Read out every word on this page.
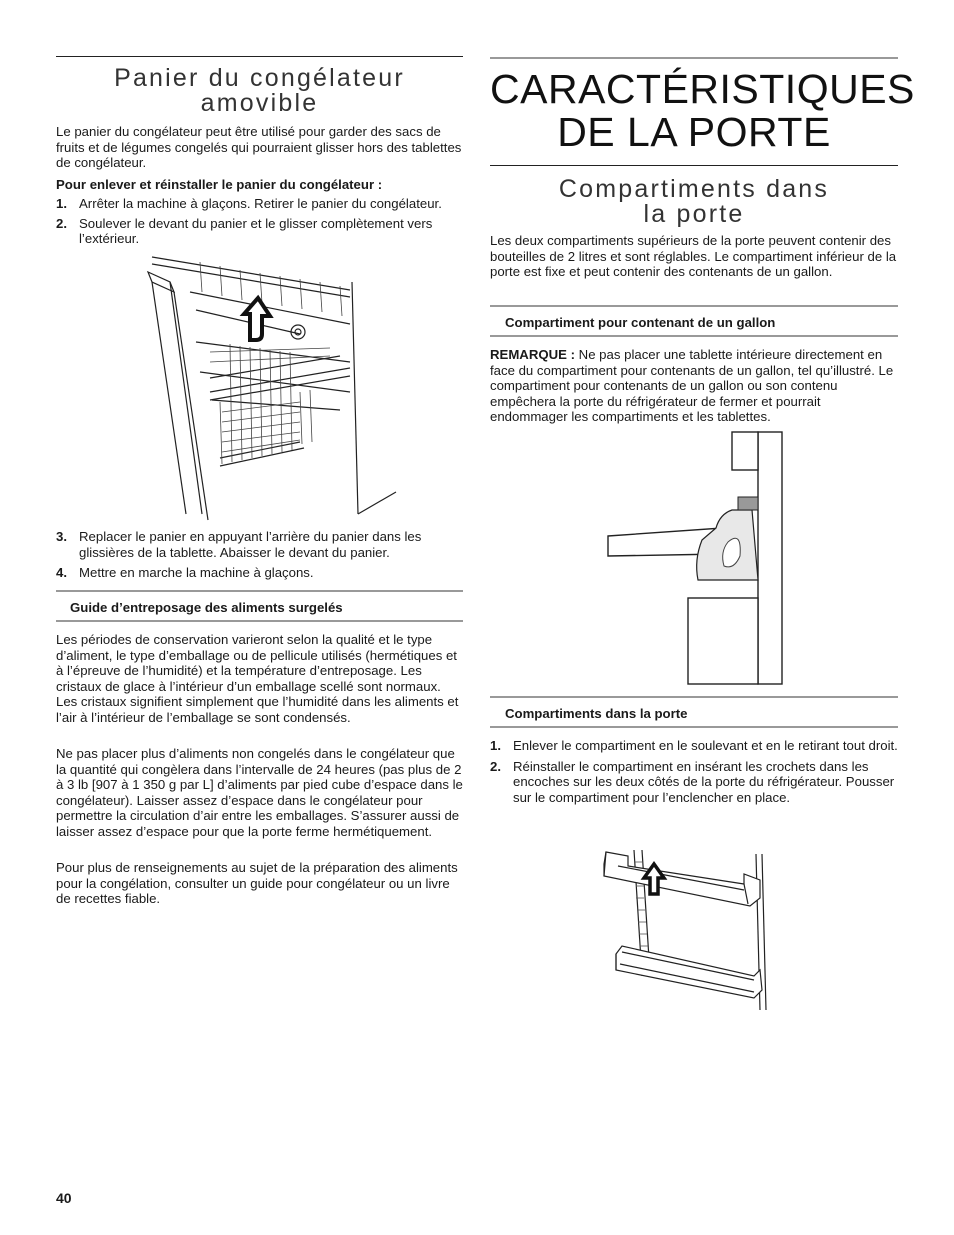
Panier du congélateur
amovible

Le panier du congélateur peut être utilisé pour garder des sacs de fruits et de légumes congelés qui pourraient glisser hors des tablettes de congélateur.

Pour enlever et réinstaller le panier du congélateur :

1. Arrêter la machine à glaçons. Retirer le panier du congélateur.
2. Soulever le devant du panier et le glisser complètement vers l’extérieur.
3. Replacer le panier en appuyant l’arrière du panier dans les glissières de la tablette. Abaisser le devant du panier.
4. Mettre en marche la machine à glaçons.

Guide d’entreposage des aliments surgelés

Les périodes de conservation varieront selon la qualité et le type d’aliment, le type d’emballage ou de pellicule utilisés (hermétiques et à l’épreuve de l’humidité) et la température d’entreposage. Les cristaux de glace à l’intérieur d’un emballage scellé sont normaux. Les cristaux signifient simplement que l’humidité dans les aliments et l’air à l’intérieur de l’emballage se sont condensés.

Ne pas placer plus d’aliments non congelés dans le congélateur que la quantité qui congèlera dans l’intervalle de 24 heures (pas plus de 2 à 3 lb [907 à 1 350 g par L] d’aliments par pied cube d’espace dans le congélateur). Laisser assez d’espace dans le congélateur pour permettre la circulation d’air entre les emballages. S’assurer aussi de laisser assez d’espace pour que la porte ferme hermétiquement.

Pour plus de renseignements au sujet de la préparation des aliments pour la congélation, consulter un guide pour congélateur ou un livre de recettes fiable.

CARACTÉRISTIQUES
DE LA PORTE
Compartiments dans
la porte

Les deux compartiments supérieurs de la porte peuvent contenir des bouteilles de 2 litres et sont réglables. Le compartiment inférieur de la porte est fixe et peut contenir des contenants de un gallon.

Compartiment pour contenant de un gallon

REMARQUE : Ne pas placer une tablette intérieure directement en face du compartiment pour contenants de un gallon, tel qu’illustré. Le compartiment pour contenants de un gallon ou son contenu empêchera la porte du réfrigérateur de fermer et pourrait endommager les compartiments et les tablettes.

Compartiments dans la porte

1. Enlever le compartiment en le soulevant et en le retirant tout droit.
2. Réinstaller le compartiment en insérant les crochets dans les encoches sur les deux côtés de la porte du réfrigérateur. Pousser sur le compartiment pour l’enclencher en place.
40
